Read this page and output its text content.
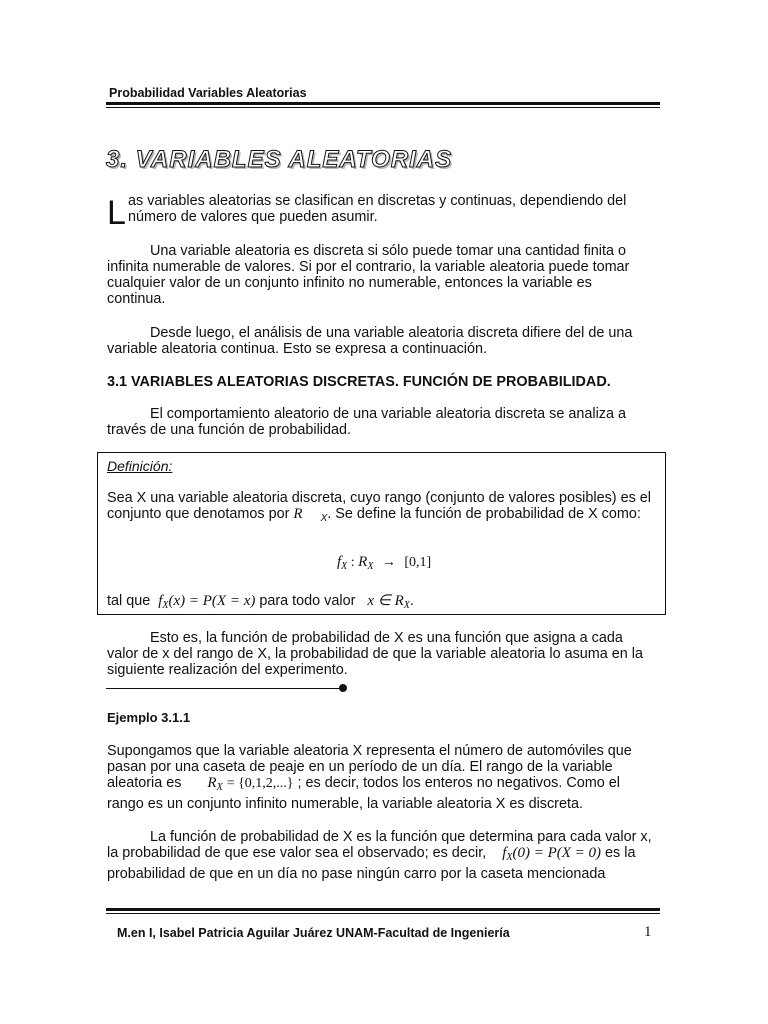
Probabilidad Variables Aleatorias
3. VARIABLES ALEATORIAS
L as variables aleatorias se clasifican en discretas y continuas, dependiendo del número de valores que pueden asumir.
Una variable aleatoria es discreta si sólo puede tomar una cantidad finita o infinita numerable de valores. Si por el contrario, la variable aleatoria puede tomar cualquier valor de un conjunto infinito no numerable, entonces la variable es continua.
Desde luego, el análisis de una variable aleatoria discreta difiere del de una variable aleatoria continua. Esto se expresa a continuación.
3.1 VARIABLES ALEATORIAS DISCRETAS. FUNCIÓN DE PROBABILIDAD.
El comportamiento aleatorio de una variable aleatoria discreta se analiza a través de una función de probabilidad.
Definición:
Sea X una variable aleatoria discreta, cuyo rango (conjunto de valores posibles) es el conjunto que denotamos por R $_X$. Se define la función de probabilidad de X como:
$f_X$ : $R_X \to [0,1]$
tal que $f_X(x) = P(X = x)$ para todo valor x ∈ $R_X$.
Esto es, la función de probabilidad de X es una función que asigna a cada valor de x del rango de X, la probabilidad de que la variable aleatoria lo asuma en la siguiente realización del experimento.
Ejemplo 3.1.1
Supongamos que la variable aleatoria X representa el número de automóviles que pasan por una caseta de peaje en un período de un día. El rango de la variable aleatoria es $R_X = \{0,1,2,...\}$ ; es decir, todos los enteros no negativos. Como el rango es un conjunto infinito numerable, la variable aleatoria X es discreta.
La función de probabilidad de X es la función que determina para cada valor x, la probabilidad de que ese valor sea el observado; es decir, $f_X(0) = P(X = 0)$ es la probabilidad de que en un día no pase ningún carro por la caseta mencionada
M.en I, Isabel Patricia Aguilar Juárez UNAM-Facultad de Ingeniería	1
